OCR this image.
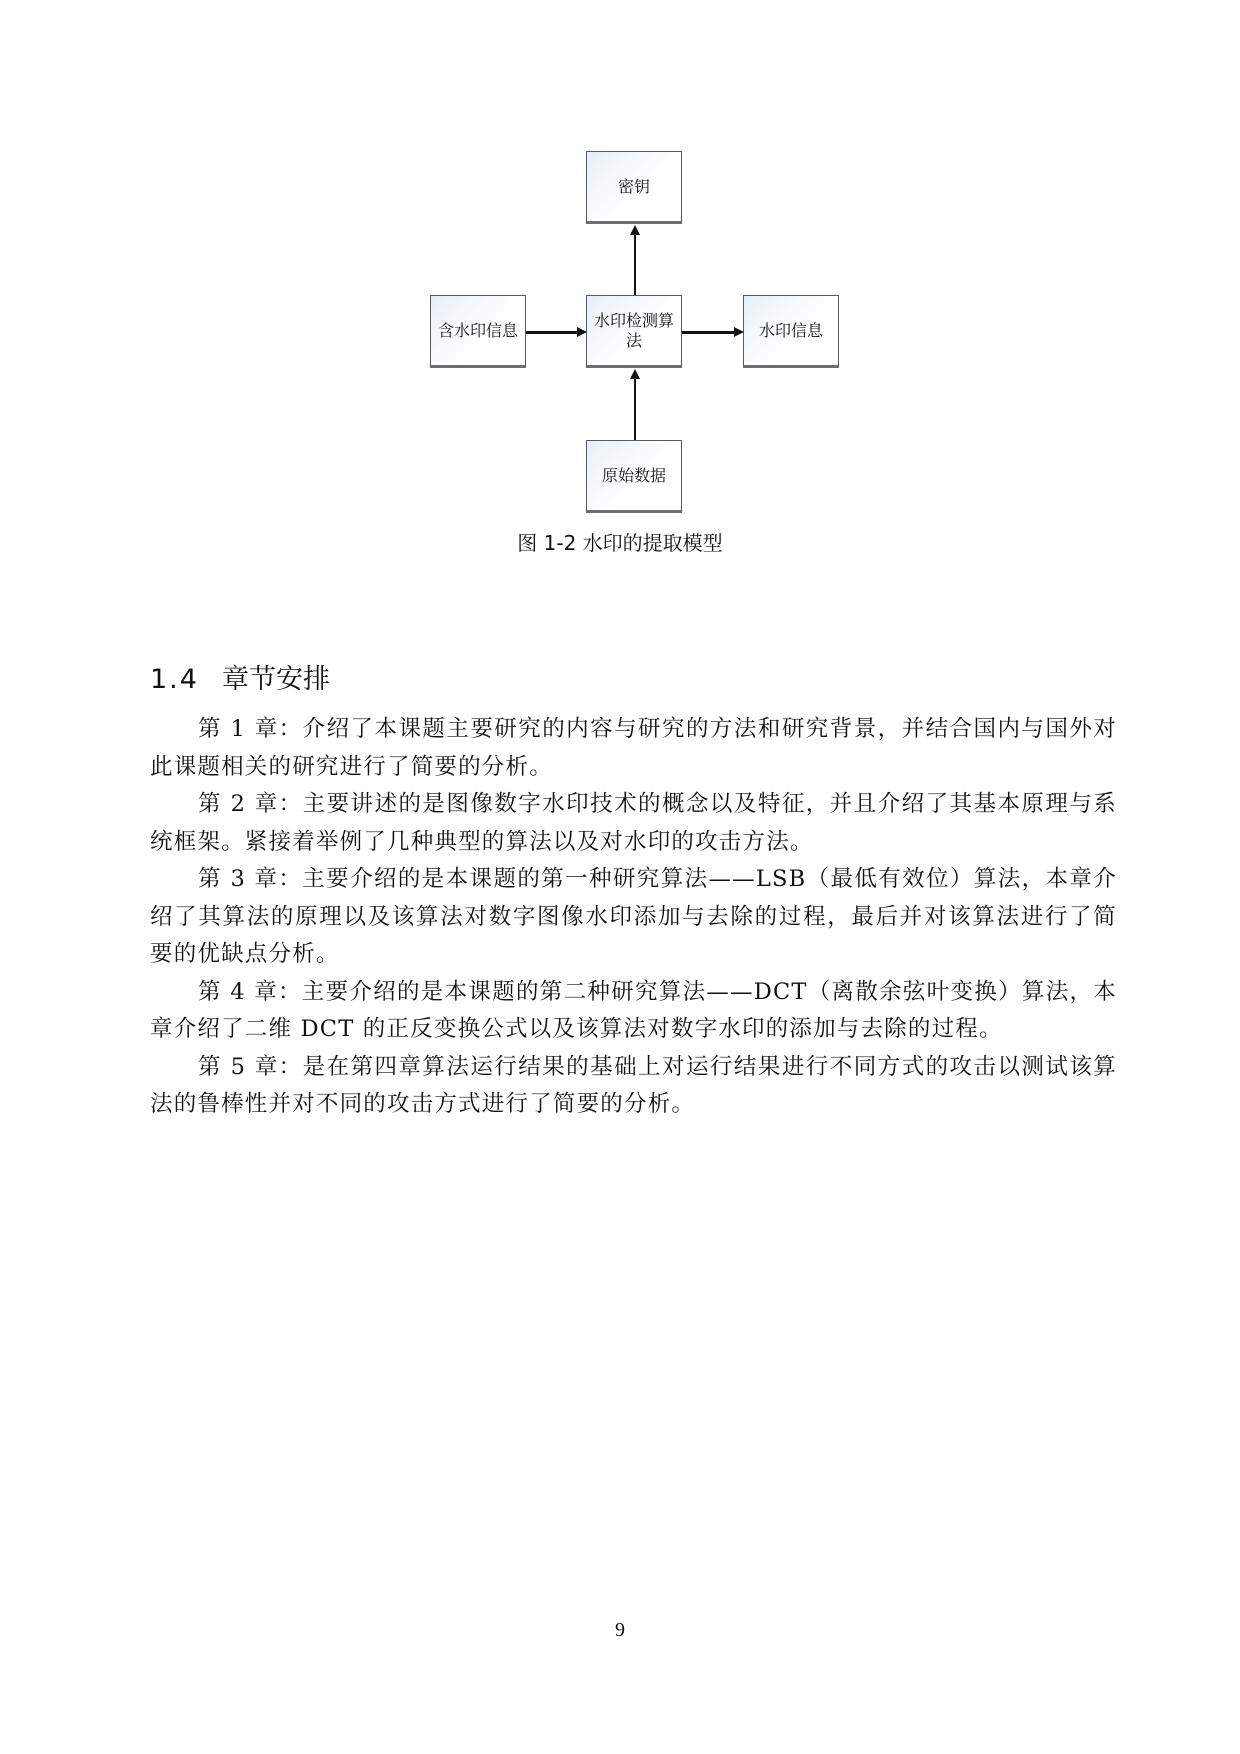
密钥
含水印信息
水印检测算
法
水印信息
原始数据
图 1-2 水印的提取模型
1.4 章节安排

第 1 章：介绍了本课题主要研究的内容与研究的方法和研究背景，并结合国内与国外对此课题相关的研究进行了简要的分析。

第 2 章：主要讲述的是图像数字水印技术的概念以及特征，并且介绍了其基本原理与系统框架。紧接着举例了几种典型的算法以及对水印的攻击方法。

第 3 章：主要介绍的是本课题的第一种研究算法——LSB（最低有效位）算法，本章介绍了其算法的原理以及该算法对数字图像水印添加与去除的过程，最后并对该算法进行了简要的优缺点分析。

第 4 章：主要介绍的是本课题的第二种研究算法——DCT（离散余弦叶变换）算法，本章介绍了二维 DCT 的正反变换公式以及该算法对数字水印的添加与去除的过程。

第 5 章：是在第四章算法运行结果的基础上对运行结果进行不同方式的攻击以测试该算法的鲁棒性并对不同的攻击方式进行了简要的分析。

9
